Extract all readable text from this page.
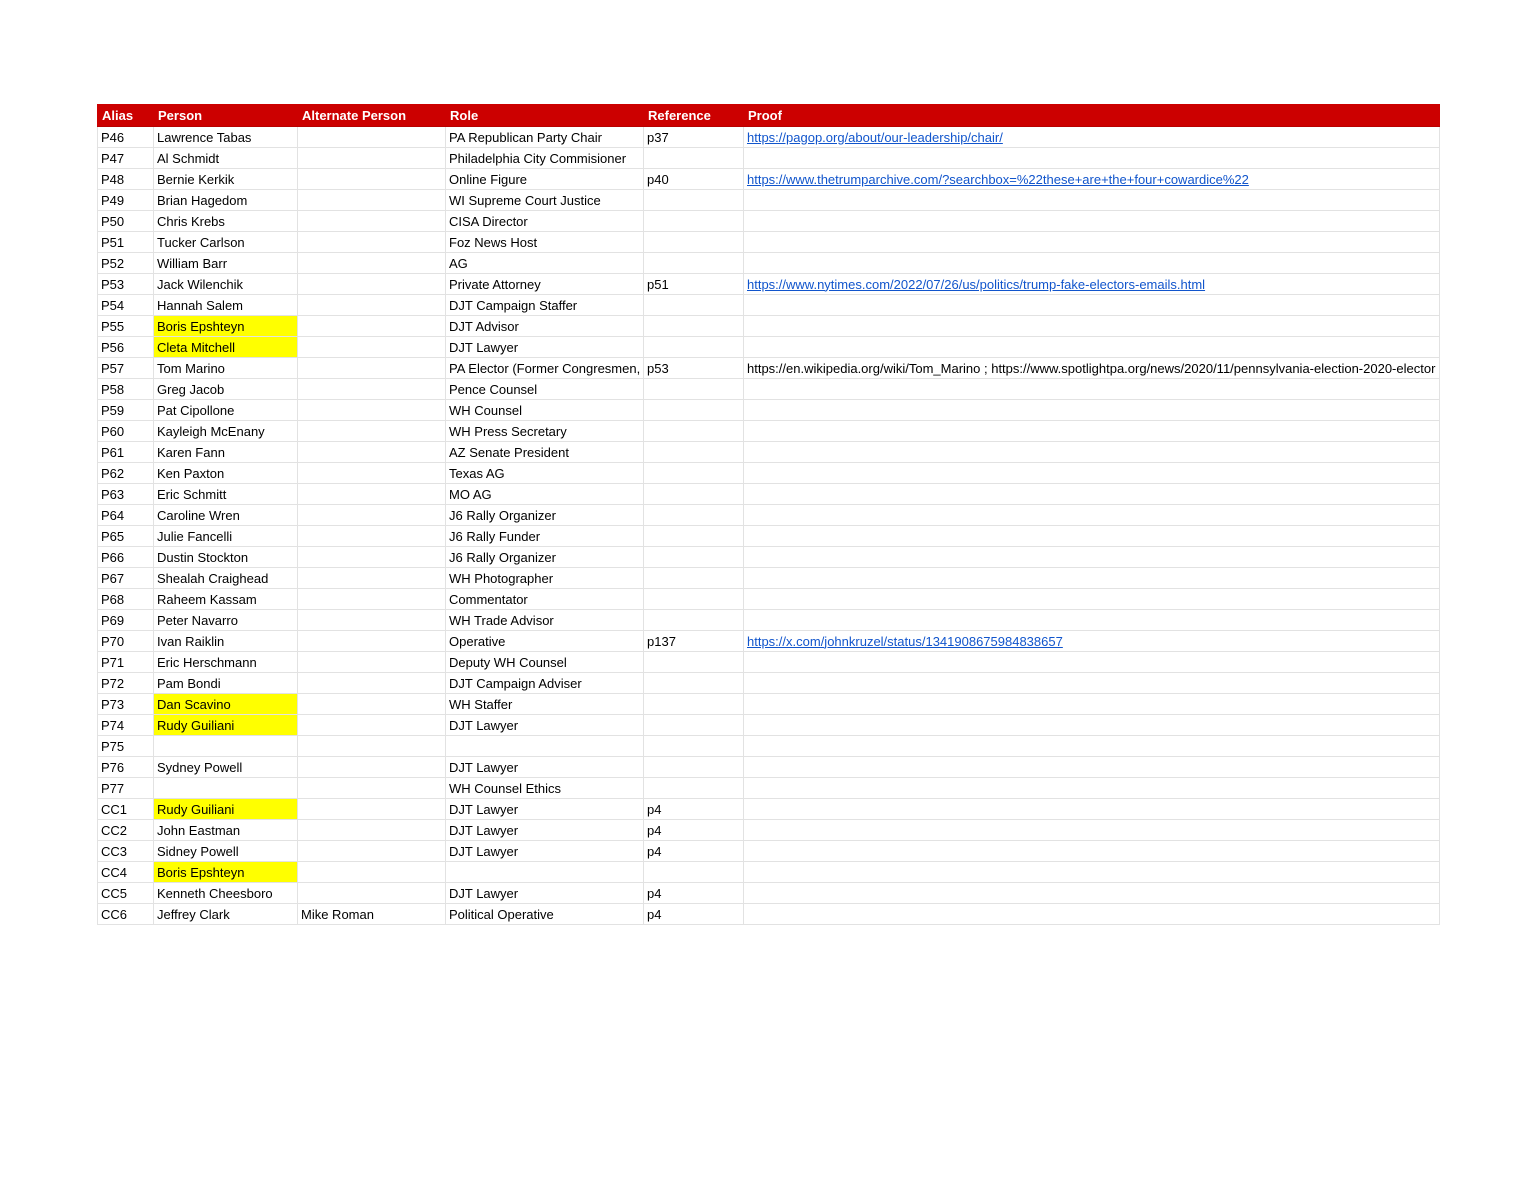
Alias	Person	Alternate Person	Role	Reference	Proof
P46	Lawrence Tabas		PA Republican Party Chair	p37	https://pagop.org/about/our-leadership/chair/
P47	Al Schmidt		Philadelphia City Commisioner		
P48	Bernie Kerkik		Online Figure	p40	https://www.thetrumparchive.com/?searchbox=%22these+are+the+four+cowardice%22
P49	Brian Hagedom		WI Supreme Court Justice		
P50	Chris Krebs		CISA Director		
P51	Tucker Carlson		Foz News Host		
P52	William Barr		AG		
P53	Jack Wilenchik		Private Attorney	p51	https://www.nytimes.com/2022/07/26/us/politics/trump-fake-electors-emails.html
P54	Hannah Salem		DJT Campaign Staffer		
P55	Boris Epshteyn		DJT Advisor		
P56	Cleta Mitchell		DJT Lawyer		
P57	Tom Marino		PA Elector (Former Congresmen,	p53	https://en.wikipedia.org/wiki/Tom_Marino ; https://www.spotlightpa.org/news/2020/11/pennsylvania-election-2020-elector
P58	Greg Jacob		Pence Counsel		
P59	Pat Cipollone		WH Counsel		
P60	Kayleigh McEnany		WH Press Secretary		
P61	Karen Fann		AZ Senate President		
P62	Ken Paxton		Texas AG		
P63	Eric Schmitt		MO AG		
P64	Caroline Wren		J6 Rally Organizer		
P65	Julie Fancelli		J6 Rally Funder		
P66	Dustin Stockton		J6 Rally Organizer		
P67	Shealah Craighead		WH Photographer		
P68	Raheem Kassam		Commentator		
P69	Peter Navarro		WH Trade Advisor		
P70	Ivan Raiklin		Operative	p137	https://x.com/johnkruzel/status/1341908675984838657
P71	Eric Herschmann		Deputy WH Counsel		
P72	Pam Bondi		DJT Campaign Adviser		
P73	Dan Scavino		WH Staffer		
P74	Rudy Guiliani		DJT Lawyer		
P75					
P76	Sydney Powell		DJT Lawyer		
P77			WH Counsel Ethics		
CC1	Rudy Guiliani		DJT Lawyer	p4	
CC2	John Eastman		DJT Lawyer	p4	
CC3	Sidney Powell		DJT Lawyer	p4	
CC4	Boris Epshteyn				
CC5	Kenneth Cheesboro		DJT Lawyer	p4	
CC6	Jeffrey Clark	Mike Roman	Political Operative	p4	
